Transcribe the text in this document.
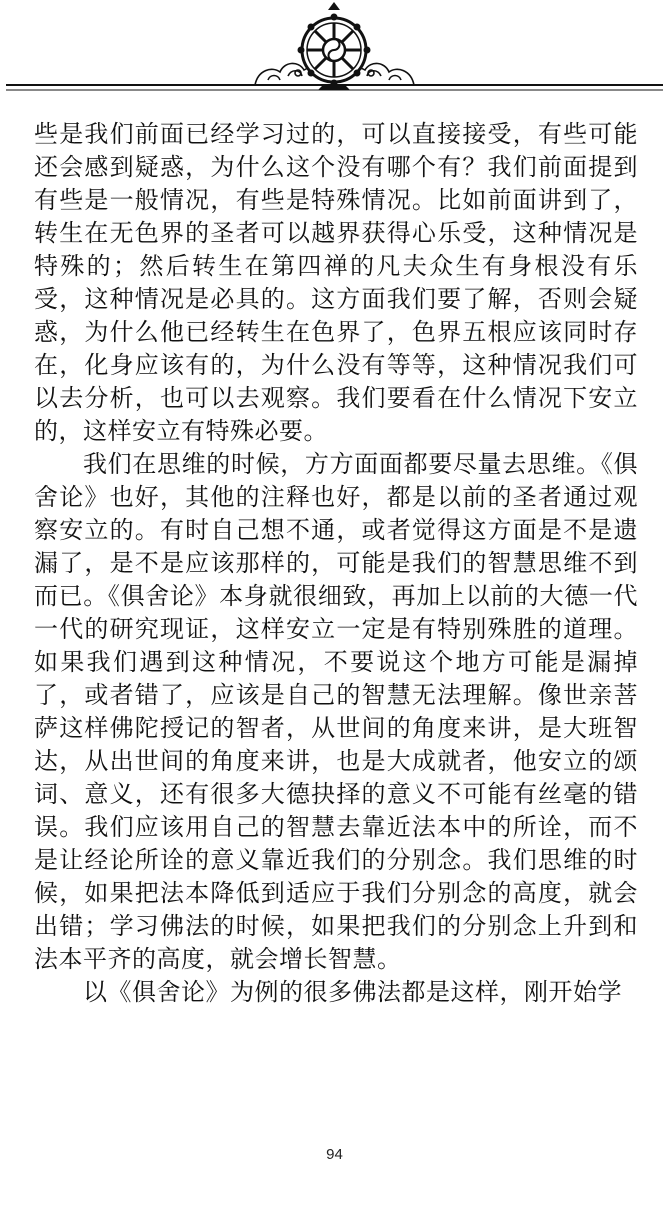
些是我们前面已经学习过的，可以直接接受，有些可能还会感到疑惑，为什么这个没有哪个有？我们前面提到有些是一般情况，有些是特殊情况。比如前面讲到了，转生在无色界的圣者可以越界获得心乐受，这种情况是特殊的；然后转生在第四禅的凡夫众生有身根没有乐受，这种情况是必具的。这方面我们要了解，否则会疑惑，为什么他已经转生在色界了，色界五根应该同时存在，化身应该有的，为什么没有等等，这种情况我们可以去分析，也可以去观察。我们要看在什么情况下安立的，这样安立有特殊必要。

我们在思维的时候，方方面面都要尽量去思维。《俱舍论》也好，其他的注释也好，都是以前的圣者通过观察安立的。有时自己想不通，或者觉得这方面是不是遗漏了，是不是应该那样的，可能是我们的智慧思维不到而已。《俱舍论》本身就很细致，再加上以前的大德一代一代的研究现证，这样安立一定是有特别殊胜的道理。如果我们遇到这种情况，不要说这个地方可能是漏掉了，或者错了，应该是自己的智慧无法理解。像世亲菩萨这样佛陀授记的智者，从世间的角度来讲，是大班智达，从出世间的角度来讲，也是大成就者，他安立的颂词、意义，还有很多大德抉择的意义不可能有丝毫的错误。我们应该用自己的智慧去靠近法本中的所诠，而不是让经论所诠的意义靠近我们的分别念。我们思维的时候，如果把法本降低到适应于我们分别念的高度，就会出错；学习佛法的时候，如果把我们的分别念上升到和法本平齐的高度，就会增长智慧。

以《俱舍论》为例的很多佛法都是这样，刚开始学

94
